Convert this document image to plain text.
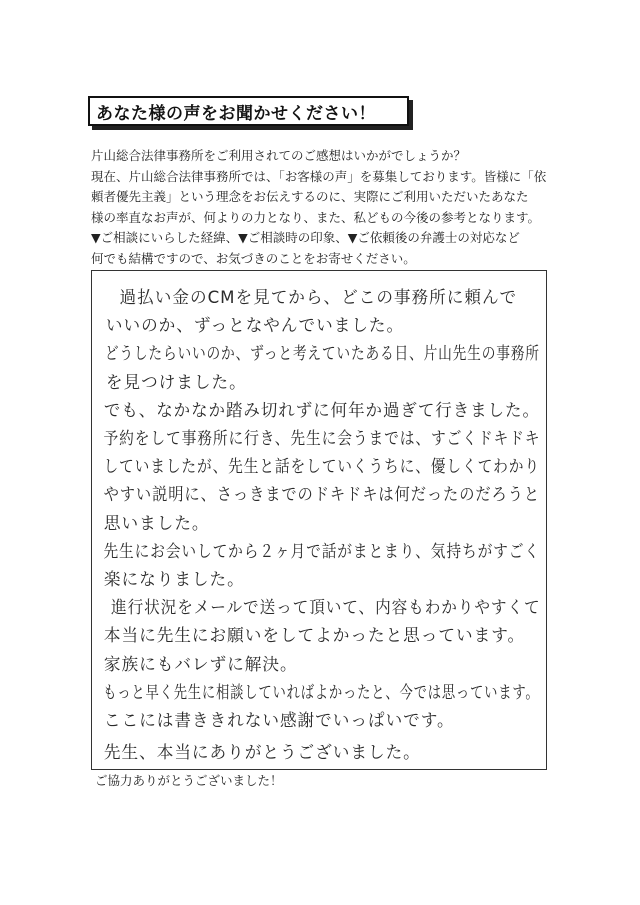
あなた様の声をお聞かせください！
片山総合法律事務所をご利用されてのご感想はいかがでしょうか？
現在、片山総合法律事務所では、「お客様の声」を募集しております。皆様に「依
頼者優先主義」という理念をお伝えするのに、実際にご利用いただいたあなた
様の率直なお声が、何よりの力となり、また、私どもの今後の参考となります。
▼ご相談にいらした経緯、▼ご相談時の印象、▼ご依頼後の弁護士の対応など
何でも結構ですので、お気づきのことをお寄せください。
過払い金のCMを見てから、どこの事務所に頼んで
いいのか、ずっとなやんでいました。
どうしたらいいのか、ずっと考えていたある日、片山先生の事務所
を見つけました。
でも、なかなか踏み切れずに何年か過ぎて行きました。
予約をして事務所に行き、先生に会うまでは、すごくドキドキ
していましたが、先生と話をしていくうちに、優しくてわかり
やすい説明に、さっきまでのドキドキは何だったのだろうと
思いました。
先生にお会いしてから２ヶ月で話がまとまり、気持ちがすごく
楽になりました。
進行状況をメールで送って頂いて、内容もわかりやすくて
本当に先生にお願いをしてよかったと思っています。
家族にもバレずに解決。
もっと早く先生に相談していればよかったと、今では思っています。
ここには書ききれない感謝でいっぱいです。
先生、本当にありがとうございました。
ご協力ありがとうございました！
